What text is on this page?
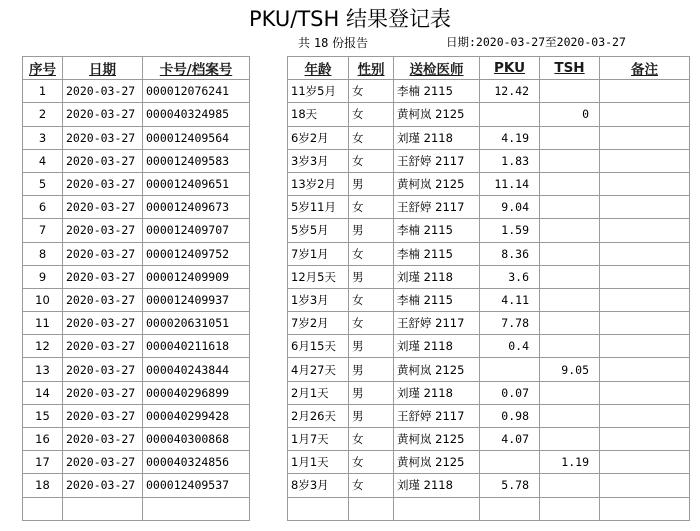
PKU/TSH 结果登记表
共 18 份报告	日期:2020-03-27至2020-03-27
序号	日期	卡号/档案号
1	2020-03-27	000012076241
2	2020-03-27	000040324985
3	2020-03-27	000012409564
4	2020-03-27	000012409583
5	2020-03-27	000012409651
6	2020-03-27	000012409673
7	2020-03-27	000012409707
8	2020-03-27	000012409752
9	2020-03-27	000012409909
10	2020-03-27	000012409937
11	2020-03-27	000020631051
12	2020-03-27	000040211618
13	2020-03-27	000040243844
14	2020-03-27	000040296899
15	2020-03-27	000040299428
16	2020-03-27	000040300868
17	2020-03-27	000040324856
18	2020-03-27	000012409537

年龄	性别	送检医师	PKU	TSH	备注
11岁5月	女	李楠 2115	12.42		
18天	女	黄柯岚 2125		0	
6岁2月	女	刘瑾 2118	4.19		
3岁3月	女	王舒婷 2117	1.83		
13岁2月	男	黄柯岚 2125	11.14		
5岁11月	女	王舒婷 2117	9.04		
5岁5月	男	李楠 2115	1.59		
7岁1月	女	李楠 2115	8.36		
12月5天	男	刘瑾 2118	3.6		
1岁3月	女	李楠 2115	4.11		
7岁2月	女	王舒婷 2117	7.78		
6月15天	男	刘瑾 2118	0.4		
4月27天	男	黄柯岚 2125		9.05	
2月1天	男	刘瑾 2118	0.07		
2月26天	男	王舒婷 2117	0.98		
1月7天	女	黄柯岚 2125	4.07		
1月1天	女	黄柯岚 2125		1.19	
8岁3月	女	刘瑾 2118	5.78		
